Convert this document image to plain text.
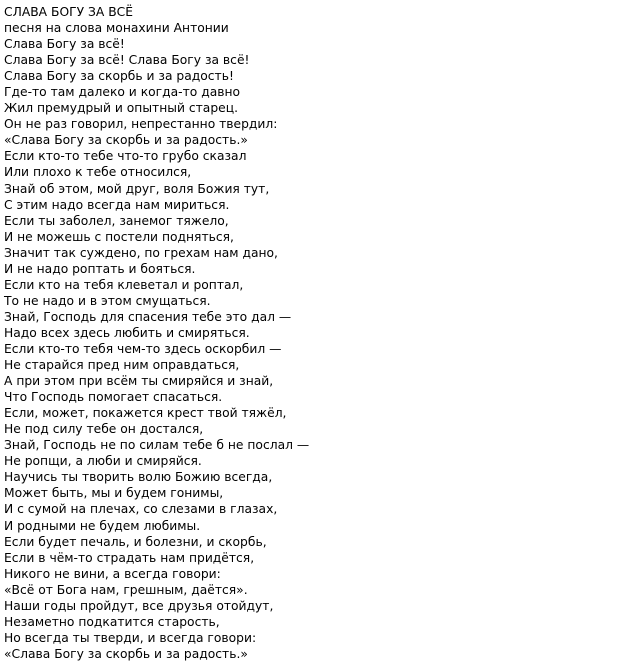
СЛАВА БОГУ ЗА ВСЁ
песня на слова монахини Антонии
Слава Богу за всё!
Слава Богу за всё! Слава Богу за всё!
Слава Богу за скорбь и за радость!
Где-то там далеко и когда-то давно
Жил премудрый и опытный старец.
Он не раз говорил, непрестанно твердил:
«Слава Богу за скорбь и за радость.»
Если кто-то тебе что-то грубо сказал
Или плохо к тебе относился,
Знай об этом, мой друг, воля Божия тут,
С этим надо всегда нам мириться.
Если ты заболел, занемог тяжело,
И не можешь с постели подняться,
Значит так суждено, по грехам нам дано,
И не надо роптать и бояться.
Если кто на тебя клеветал и роптал,
То не надо и в этом смущаться.
Знай, Господь для спасения тебе это дал —
Надо всех здесь любить и смиряться.
Если кто-то тебя чем-то здесь оскорбил —
Не старайся пред ним оправдаться,
А при этом при всём ты смиряйся и знай,
Что Господь помогает спасаться.
Если, может, покажется крест твой тяжёл,
Не под силу тебе он достался,
Знай, Господь не по силам тебе б не послал —
Не ропщи, а люби и смиряйся.
Научись ты творить волю Божию всегда,
Может быть, мы и будем гонимы,
И с сумой на плечах, со слезами в глазах,
И родными не будем любимы.
Если будет печаль, и болезни, и скорбь,
Если в чём-то страдать нам придётся,
Никого не вини, а всегда говори:
«Всё от Бога нам, грешным, даётся».
Наши годы пройдут, все друзья отойдут,
Незаметно подкатится старость,
Но всегда ты тверди, и всегда говори:
«Слава Богу за скорбь и за радость.»
